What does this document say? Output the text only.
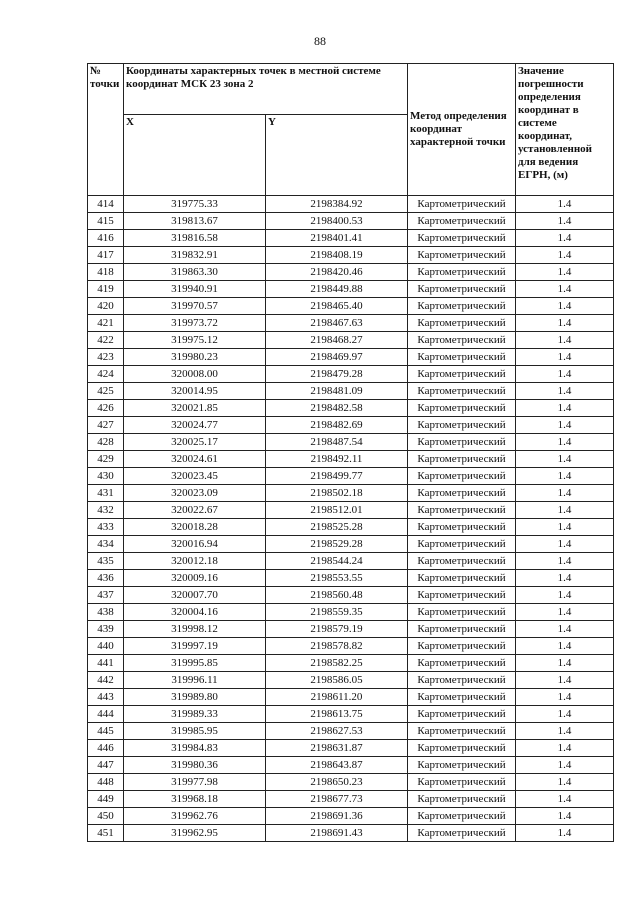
88
№ точки	Координаты характерных точек в местной системе координат МСК 23 зона 2		Метод определения координат характерной точки	Значение погрешности определения координат в системе координат, установленной для ведения ЕГРН, (м)
	X	Y		
414	319775.33	2198384.92	Картометрический	1.4
415	319813.67	2198400.53	Картометрический	1.4
416	319816.58	2198401.41	Картометрический	1.4
417	319832.91	2198408.19	Картометрический	1.4
418	319863.30	2198420.46	Картометрический	1.4
419	319940.91	2198449.88	Картометрический	1.4
420	319970.57	2198465.40	Картометрический	1.4
421	319973.72	2198467.63	Картометрический	1.4
422	319975.12	2198468.27	Картометрический	1.4
423	319980.23	2198469.97	Картометрический	1.4
424	320008.00	2198479.28	Картометрический	1.4
425	320014.95	2198481.09	Картометрический	1.4
426	320021.85	2198482.58	Картометрический	1.4
427	320024.77	2198482.69	Картометрический	1.4
428	320025.17	2198487.54	Картометрический	1.4
429	320024.61	2198492.11	Картометрический	1.4
430	320023.45	2198499.77	Картометрический	1.4
431	320023.09	2198502.18	Картометрический	1.4
432	320022.67	2198512.01	Картометрический	1.4
433	320018.28	2198525.28	Картометрический	1.4
434	320016.94	2198529.28	Картометрический	1.4
435	320012.18	2198544.24	Картометрический	1.4
436	320009.16	2198553.55	Картометрический	1.4
437	320007.70	2198560.48	Картометрический	1.4
438	320004.16	2198559.35	Картометрический	1.4
439	319998.12	2198579.19	Картометрический	1.4
440	319997.19	2198578.82	Картометрический	1.4
441	319995.85	2198582.25	Картометрический	1.4
442	319996.11	2198586.05	Картометрический	1.4
443	319989.80	2198611.20	Картометрический	1.4
444	319989.33	2198613.75	Картометрический	1.4
445	319985.95	2198627.53	Картометрический	1.4
446	319984.83	2198631.87	Картометрический	1.4
447	319980.36	2198643.87	Картометрический	1.4
448	319977.98	2198650.23	Картометрический	1.4
449	319968.18	2198677.73	Картометрический	1.4
450	319962.76	2198691.36	Картометрический	1.4
451	319962.95	2198691.43	Картометрический	1.4
